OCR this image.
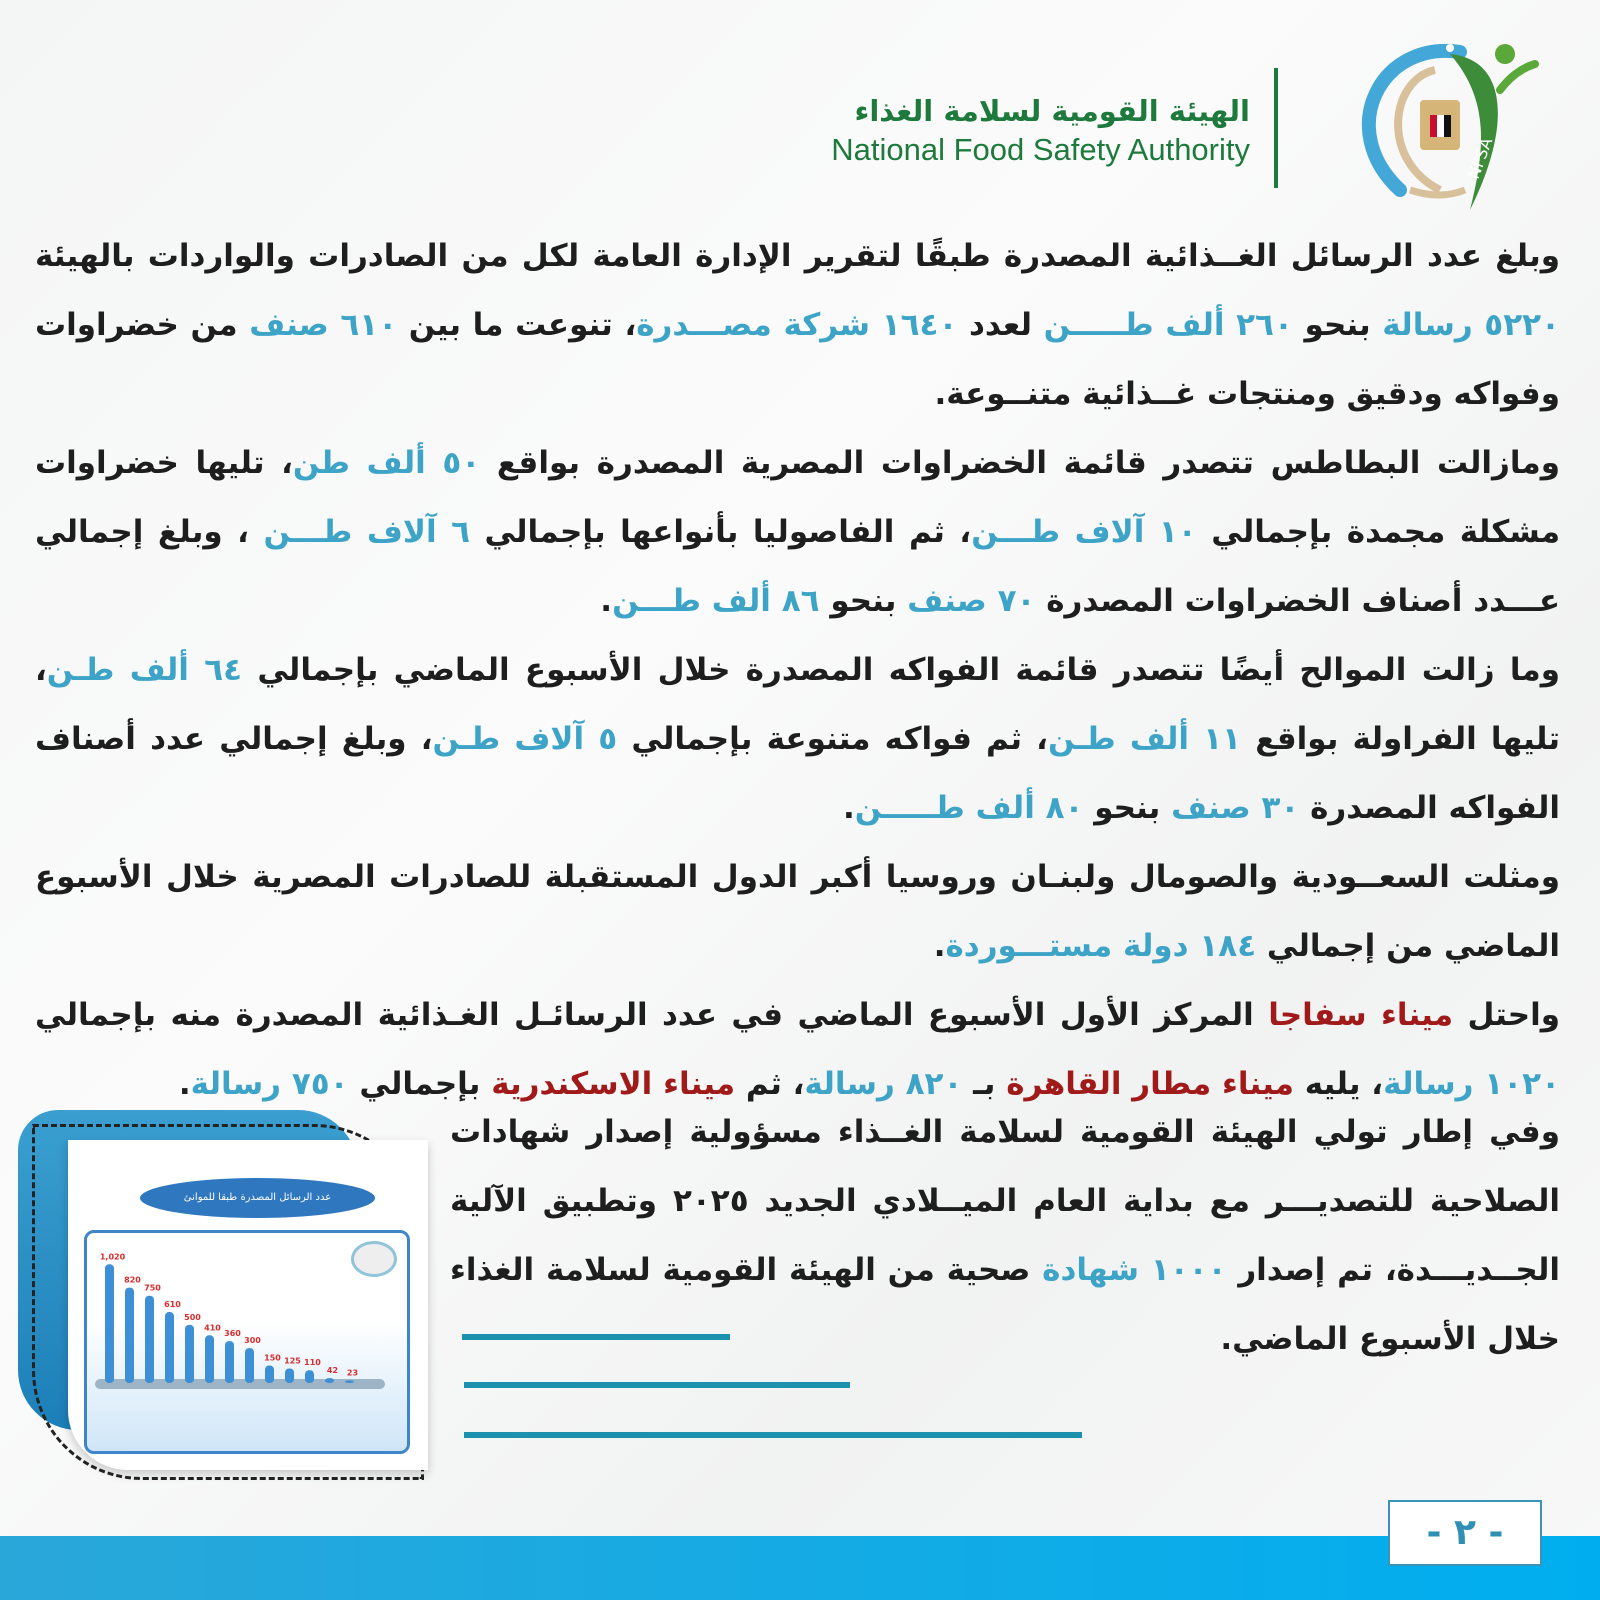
الهيئة القومية لسلامة الغذاء
National Food Safety Authority	NFSA

وبلغ عدد الرسائل الغــذائية المصدرة طبقًا لتقرير الإدارة العامة لكل من الصادرات والواردات بالهيئة ٥٢٢٠ رسالة بنحو ٢٦٠ ألف طـــــن لعدد ١٦٤٠ شركة مصـــدرة، تنوعت ما بين ٦١٠ صنف من خضراوات وفواكه ودقيق ومنتجات غــذائية متنــوعة.

ومازالت البطاطس تتصدر قائمة الخضراوات المصرية المصدرة بواقع ٥٠ ألف طن، تليها خضراوات مشكلة مجمدة بإجمالي ١٠ آلاف طـــن، ثم الفاصوليا بأنواعها بإجمالي ٦ آلاف طـــن ، وبلغ إجمالي عـــدد أصناف الخضراوات المصدرة ٧٠ صنف بنحو ٨٦ ألف طـــن.

وما زالت الموالح أيضًا تتصدر قائمة الفواكه المصدرة خلال الأسبوع الماضي بإجمالي ٦٤ ألف طـن، تليها الفراولة بواقع ١١ ألف طـن، ثم فواكه متنوعة بإجمالي ٥ آلاف طـن، وبلغ إجمالي عدد أصناف الفواكه المصدرة ٣٠ صنف بنحو ٨٠ ألف طـــــن.

ومثلت السعــودية والصومال ولبنـان وروسيا أكبر الدول المستقبلة للصادرات المصرية خلال الأسبوع الماضي من إجمالي ١٨٤ دولة مستـــوردة.

واحتل ميناء سفاجا المركز الأول الأسبوع الماضي في عدد الرسائـل الغـذائية المصدرة منه بإجمالي ١٠٢٠ رسالة، يليه ميناء مطار القاهرة بـ ٨٢٠ رسالة، ثم ميناء الاسكندرية بإجمالي ٧٥٠ رسالة.

وفي إطار تولي الهيئة القومية لسلامة الغــذاء مسؤولية إصدار شهادات الصلاحية للتصديـــر مع بداية العام الميــلادي الجديد ٢٠٢٥ وتطبيق الآلية الجــديـــدة، تم إصدار ١٠٠٠ شهادة صحية من الهيئة القومية لسلامة الغذاء خلال الأسبوع الماضي.
عدد الرسائل المصدرة طبقا للموانئ
1,020
820
750
610
500
410
360
300
150 125 110
42 23
- ٢ -
